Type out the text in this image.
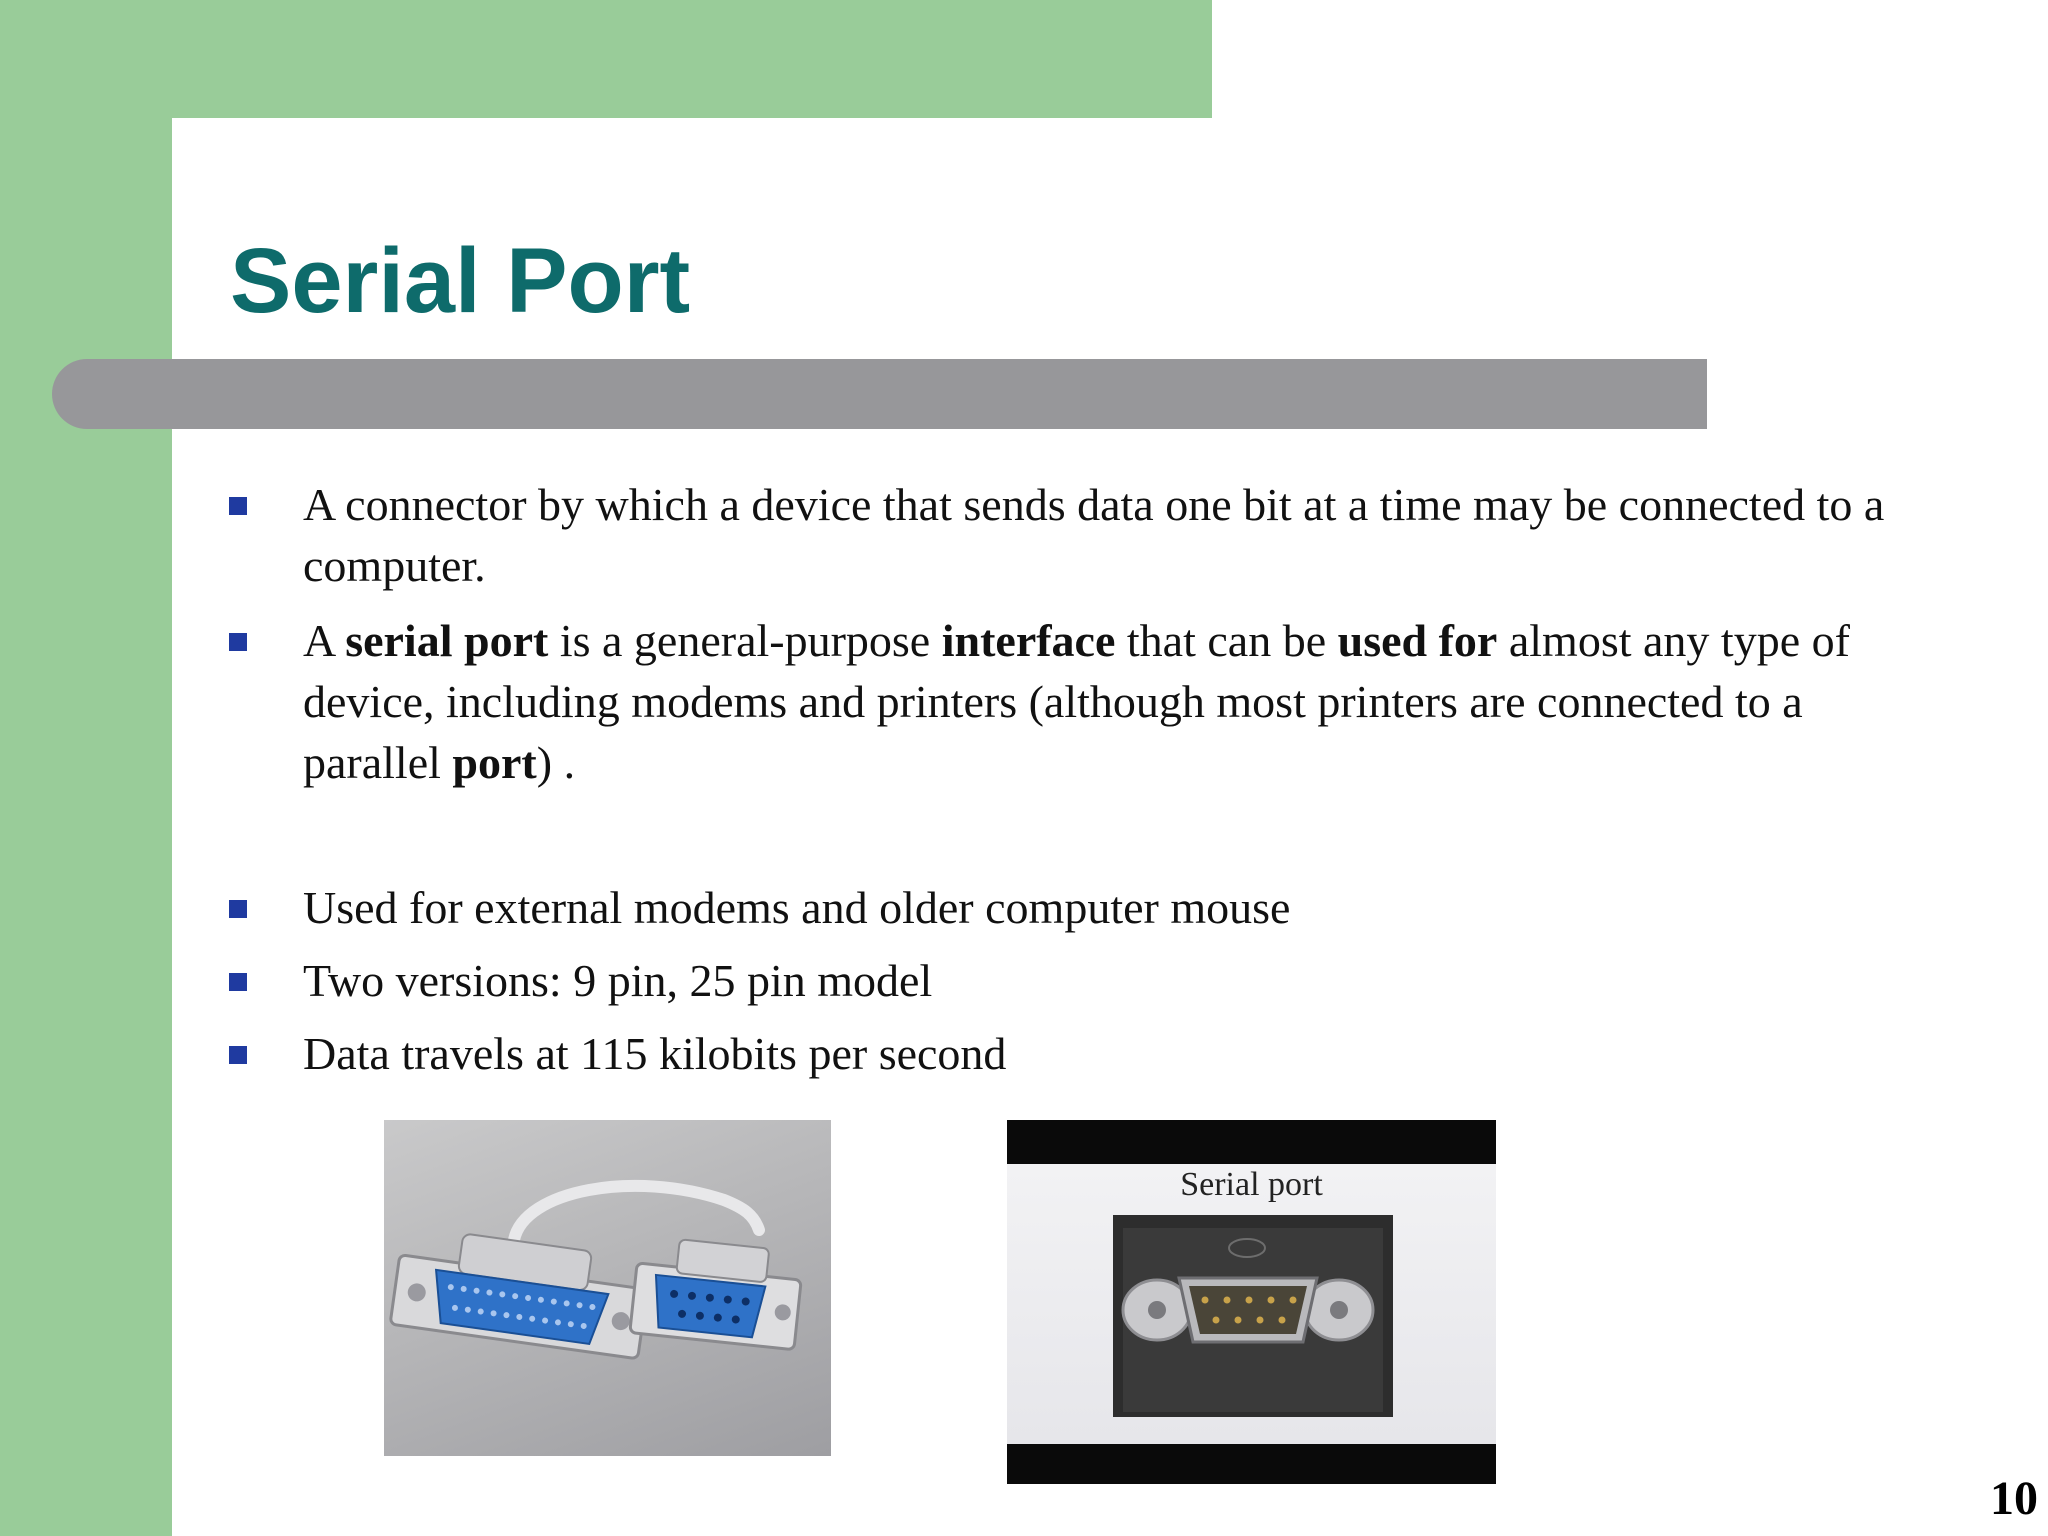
Serial Port
A connector by which a device that sends data one bit at a time may be connected to a computer.
A serial port is a general-purpose interface that can be used for almost any type of device, including modems and printers (although most printers are connected to a parallel port) .
Used for external modems and older computer mouse
Two versions: 9 pin, 25 pin model
Data travels at 115 kilobits per second
Serial port
10
